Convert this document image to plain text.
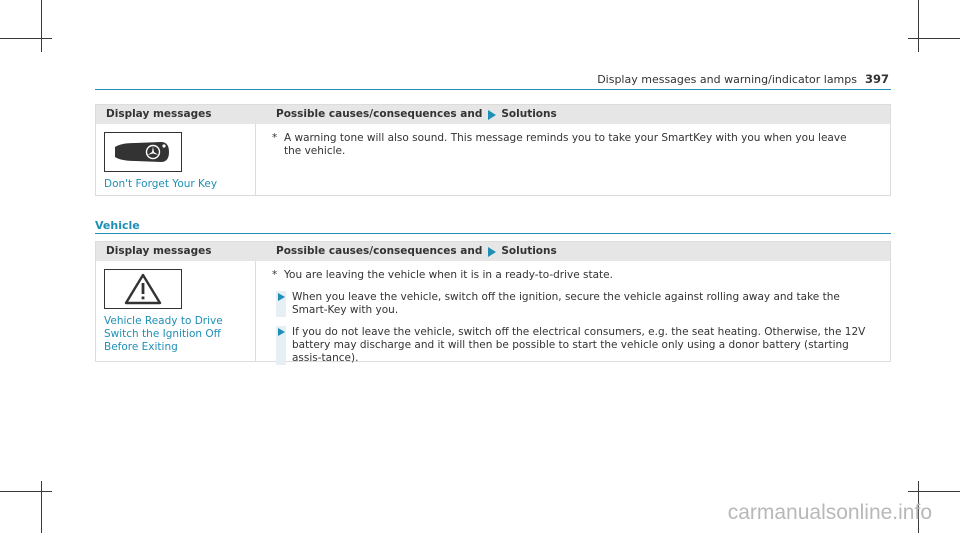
Display messages and warning/indicator lamps 397
Display messages	Possible causes/consequences and Solutions
Don't Forget Your Key
* A warning tone will also sound. This message reminds you to take your SmartKey with you when you leave the vehicle.
Vehicle
Display messages	Possible causes/consequences and Solutions
Vehicle Ready to Drive
Switch the Ignition Off
Before Exiting
* You are leaving the vehicle when it is in a ready-to-drive state.
When you leave the vehicle, switch off the ignition, secure the vehicle against rolling away and take the Smart-Key with you.
If you do not leave the vehicle, switch off the electrical consumers, e.g. the seat heating. Otherwise, the 12V battery may discharge and it will then be possible to start the vehicle only using a donor battery (starting assis-tance).
carmanualsonline.info
